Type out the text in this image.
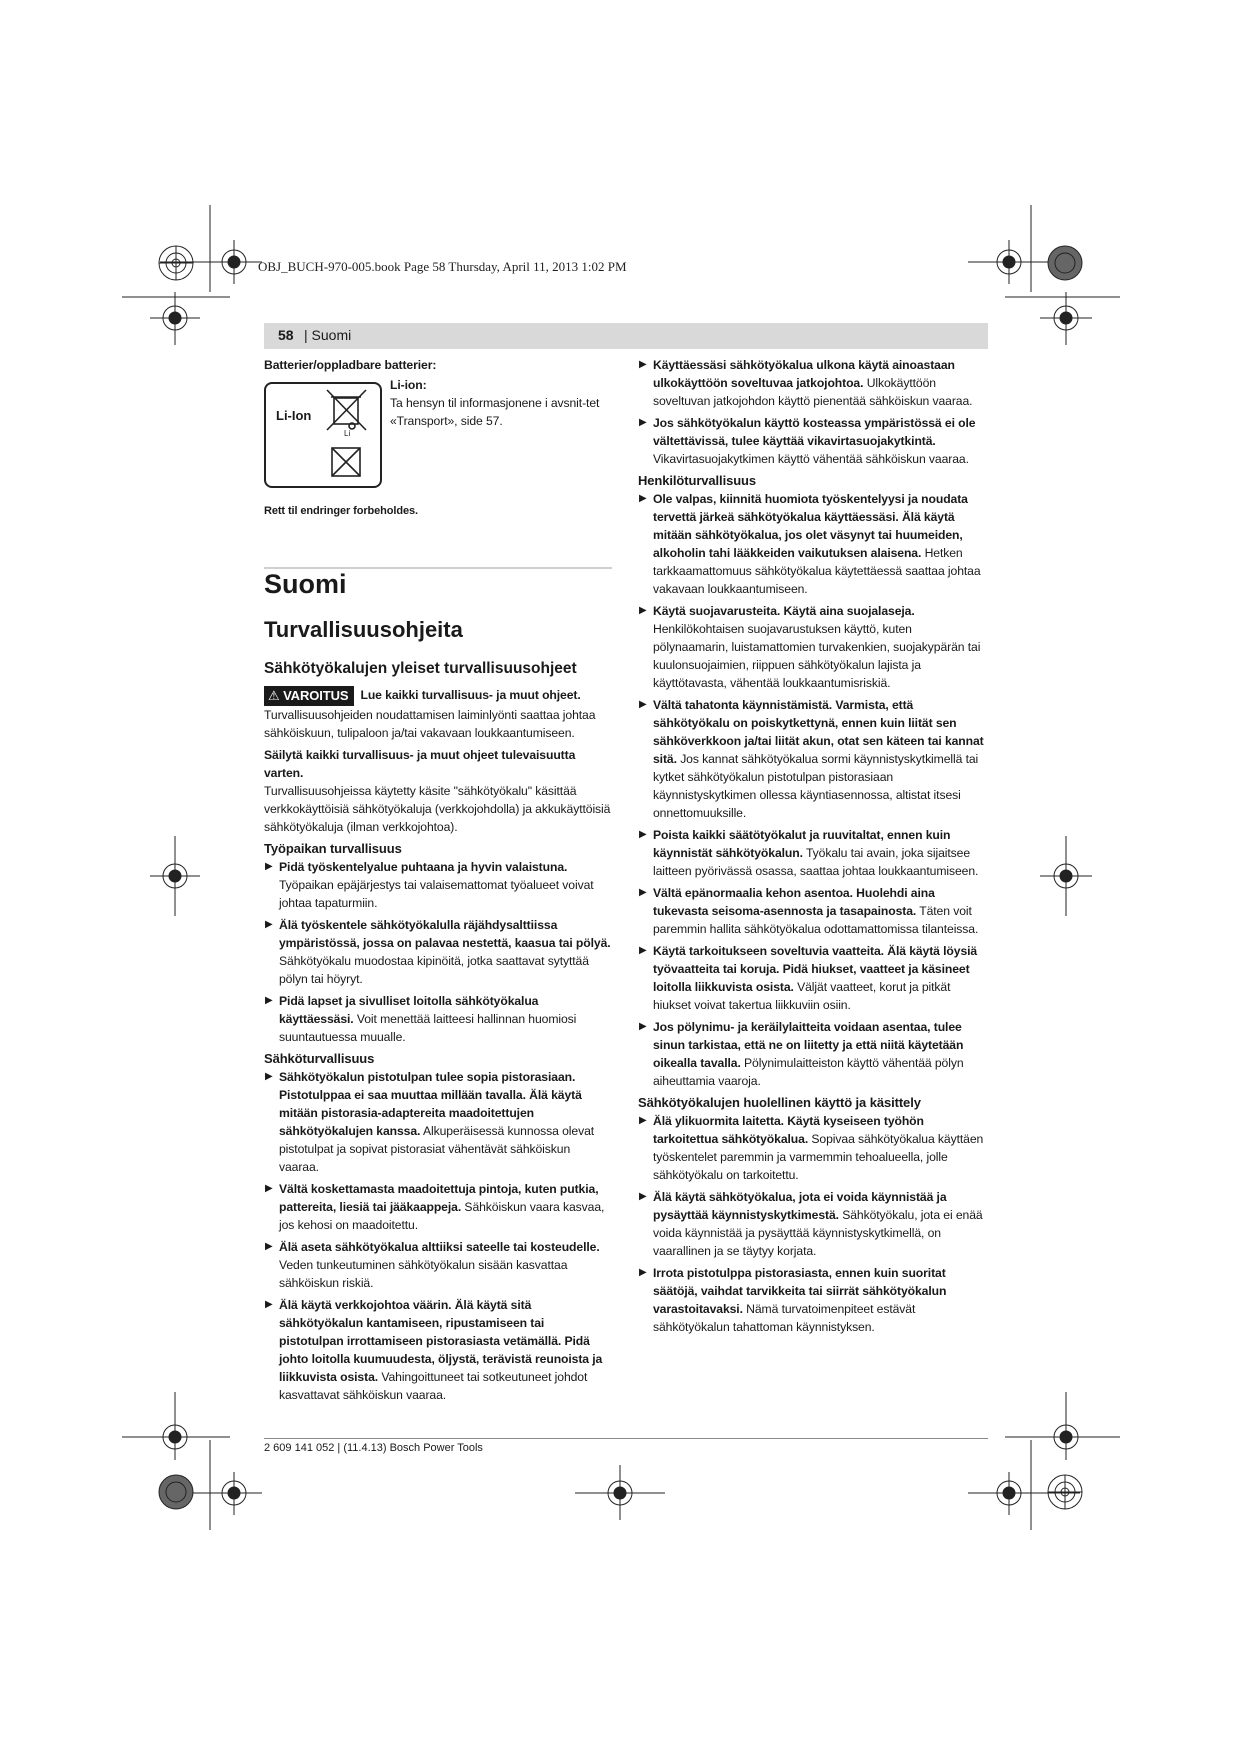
OBJ_BUCH-970-005.book Page 58 Thursday, April 11, 2013 1:02 PM
58 | Suomi
Batterier/oppladbare batterier:
Li-Ion
Li
Li-ion:
Ta hensyn til informasjonene i avsnit-tet «Transport», side 57.
Rett til endringer forbeholdes.
Suomi
Turvallisuusohjeita
Sähkötyökalujen yleiset turvallisuusohjeet
⚠ VAROITUS Lue kaikki turvallisuus- ja muut ohjeet. Turvallisuusohjeiden noudattamisen laiminlyönti saattaa johtaa sähköiskuun, tulipaloon ja/tai vakavaan loukkaantumiseen.
Säilytä kaikki turvallisuus- ja muut ohjeet tulevaisuutta varten.
Turvallisuusohjeissa käytetty käsite "sähkötyökalu" käsittää verkkokäyttöisiä sähkötyökaluja (verkkojohdolla) ja akkukäyttöisiä sähkötyökaluja (ilman verkkojohtoa).
Työpaikan turvallisuus
▶ Pidä työskentelyalue puhtaana ja hyvin valaistuna. Työpaikan epäjärjestys tai valaisemattomat työalueet voivat johtaa tapaturmiin.
▶ Älä työskentele sähkötyökalulla räjähdysalttiissa ympäristössä, jossa on palavaa nestettä, kaasua tai pölyä. Sähkötyökalu muodostaa kipinöitä, jotka saattavat sytyttää pölyn tai höyryt.
▶ Pidä lapset ja sivulliset loitolla sähkötyökalua käyttäessäsi. Voit menettää laitteesi hallinnan huomiosi suuntautuessa muualle.
Sähköturvallisuus
▶ Sähkötyökalun pistotulpan tulee sopia pistorasiaan. Pistotulppaa ei saa muuttaa millään tavalla. Älä käytä mitään pistorasia-adaptereita maadoitettujen sähkötyökalujen kanssa. Alkuperäisessä kunnossa olevat pistotulpat ja sopivat pistorasiat vähentävät sähköiskun vaaraa.
▶ Vältä koskettamasta maadoitettuja pintoja, kuten putkia, pattereita, liesiä tai jääkaappeja. Sähköiskun vaara kasvaa, jos kehosi on maadoitettu.
▶ Älä aseta sähkötyökalua alttiiksi sateelle tai kosteudelle. Veden tunkeutuminen sähkötyökalun sisään kasvattaa sähköiskun riskiä.
▶ Älä käytä verkkojohtoa väärin. Älä käytä sitä sähkötyökalun kantamiseen, ripustamiseen tai pistotulpan irrottamiseen pistorasiasta vetämällä. Pidä johto loitolla kuumuudesta, öljystä, terävistä reunoista ja liikkuvista osista. Vahingoittuneet tai sotkeutuneet johdot kasvattavat sähköiskun vaaraa.
▶ Käyttäessäsi sähkötyökalua ulkona käytä ainoastaan ulkokäyttöön soveltuvaa jatkojohtoa. Ulkokäyttöön soveltuvan jatkojohdon käyttö pienentää sähköiskun vaaraa.
▶ Jos sähkötyökalun käyttö kosteassa ympäristössä ei ole vältettävissä, tulee käyttää vikavirtasuojakytkintä. Vikavirtasuojakytkimen käyttö vähentää sähköiskun vaaraa.
Henkilöturvallisuus
▶ Ole valpas, kiinnitä huomiota työskentelyysi ja noudata tervettä järkeä sähkötyökalua käyttäessäsi. Älä käytä mitään sähkötyökalua, jos olet väsynyt tai huumeiden, alkoholin tahi lääkkeiden vaikutuksen alaisena. Hetken tarkkaamattomuus sähkötyökalua käytettäessä saattaa johtaa vakavaan loukkaantumiseen.
▶ Käytä suojavarusteita. Käytä aina suojalaseja. Henkilökohtaisen suojavarustuksen käyttö, kuten pölynaamarin, luistamattomien turvakenkien, suojakypärän tai kuulonsuojaimien, riippuen sähkötyökalun lajista ja käyttötavasta, vähentää loukkaantumisriskiä.
▶ Vältä tahatonta käynnistämistä. Varmista, että sähkötyökalu on poiskytkettynä, ennen kuin liität sen sähköverkkoon ja/tai liität akun, otat sen käteen tai kannat sitä. Jos kannat sähkötyökalua sormi käynnistyskytkimellä tai kytket sähkötyökalun pistotulpan pistorasiaan käynnistyskytkimen ollessa käyntiasennossa, altistat itsesi onnettomuuksille.
▶ Poista kaikki säätötyökalut ja ruuvitaltat, ennen kuin käynnistät sähkötyökalun. Työkalu tai avain, joka sijaitsee laitteen pyörivässä osassa, saattaa johtaa loukkaantumiseen.
▶ Vältä epänormaalia kehon asentoa. Huolehdi aina tukevasta seisoma-asennosta ja tasapainosta. Täten voit paremmin hallita sähkötyökalua odottamattomissa tilanteissa.
▶ Käytä tarkoitukseen soveltuvia vaatteita. Älä käytä löysiä työvaatteita tai koruja. Pidä hiukset, vaatteet ja käsineet loitolla liikkuvista osista. Väljät vaatteet, korut ja pitkät hiukset voivat takertua liikkuviin osiin.
▶ Jos pölynimu- ja keräilylaitteita voidaan asentaa, tulee sinun tarkistaa, että ne on liitetty ja että niitä käytetään oikealla tavalla. Pölynimulaitteiston käyttö vähentää pölyn aiheuttamia vaaroja.
Sähkötyökalujen huolellinen käyttö ja käsittely
▶ Älä ylikuormita laitetta. Käytä kyseiseen työhön tarkoitettua sähkötyökalua. Sopivaa sähkötyökalua käyttäen työskentelet paremmin ja varmemmin tehoalueella, jolle sähkötyökalu on tarkoitettu.
▶ Älä käytä sähkötyökalua, jota ei voida käynnistää ja pysäyttää käynnistyskytkimestä. Sähkötyökalu, jota ei enää voida käynnistää ja pysäyttää käynnistyskytkimellä, on vaarallinen ja se täytyy korjata.
▶ Irrota pistotulppa pistorasiasta, ennen kuin suoritat säätöjä, vaihdat tarvikkeita tai siirrät sähkötyökalun varastoitavaksi. Nämä turvatoimenpiteet estävät sähkötyökalun tahattoman käynnistyksen.
2 609 141 052 | (11.4.13) Bosch Power Tools
